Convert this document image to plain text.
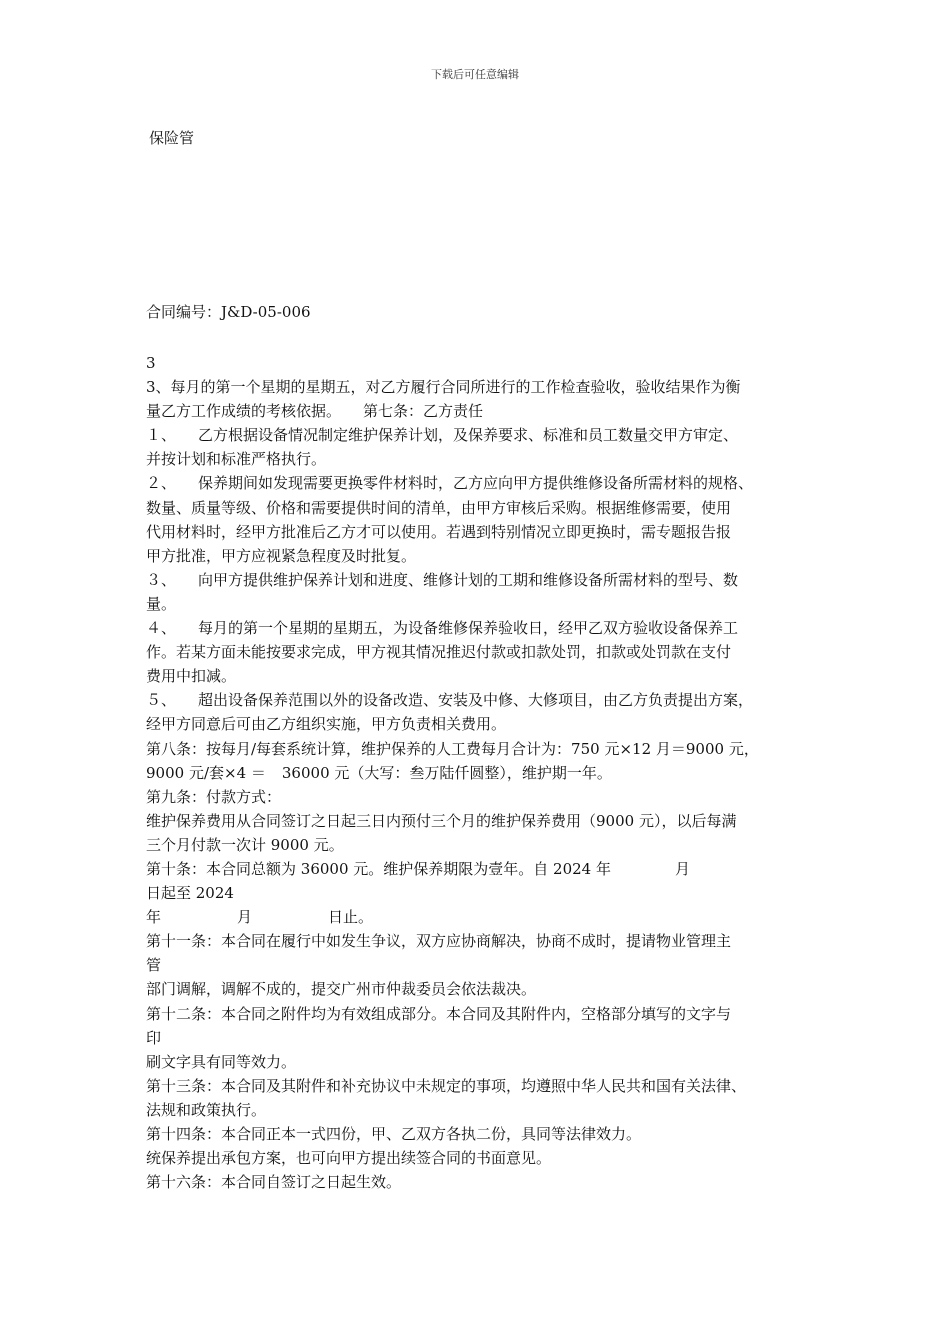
下载后可任意编辑
保险管
合同编号：J&D-05-006
3
3、每月的第一个星期的星期五，对乙方履行合同所进行的工作检查验收，验收结果作为衡
量乙方工作成绩的考核依据。 第七条：乙方责任
１、 乙方根据设备情况制定维护保养计划，及保养要求、标准和员工数量交甲方审定、
并按计划和标准严格执行。
２、 保养期间如发现需要更换零件材料时，乙方应向甲方提供维修设备所需材料的规格、
数量、质量等级、价格和需要提供时间的清单，由甲方审核后采购。根据维修需要，使用
代用材料时，经甲方批准后乙方才可以使用。若遇到特别情况立即更换时，需专题报告报
甲方批准，甲方应视紧急程度及时批复。
３、 向甲方提供维护保养计划和进度、维修计划的工期和维修设备所需材料的型号、数
量。
４、 每月的第一个星期的星期五，为设备维修保养验收日，经甲乙双方验收设备保养工
作。若某方面未能按要求完成，甲方视其情况推迟付款或扣款处罚，扣款或处罚款在支付
费用中扣减。
５、 超出设备保养范围以外的设备改造、安装及中修、大修项目，由乙方负责提出方案，
经甲方同意后可由乙方组织实施，甲方负责相关费用。
第八条：按每月/每套系统计算，维护保养的人工费每月合计为：750 元×12 月＝9000 元，
9000 元/套×4 ＝ 36000 元（大写：叁万陆仟圆整），维护期一年。
第九条：付款方式：
维护保养费用从合同签订之日起三日内预付三个月的维护保养费用（9000 元），以后每满
三个月付款一次计 9000 元。
第十条：本合同总额为 36000 元。维护保养期限为壹年。自 2024 年	月
日起至 2024
年	月	日止。
第十一条：本合同在履行中如发生争议，双方应协商解决，协商不成时，提请物业管理主
管
部门调解，调解不成的，提交广州市仲裁委员会依法裁决。
第十二条：本合同之附件均为有效组成部分。本合同及其附件内，空格部分填写的文字与
印
刷文字具有同等效力。
第十三条：本合同及其附件和补充协议中未规定的事项，均遵照中华人民共和国有关法律、
法规和政策执行。
第十四条：本合同正本一式四份，甲、乙双方各执二份，具同等法律效力。
统保养提出承包方案，也可向甲方提出续签合同的书面意见。
第十六条：本合同自签订之日起生效。
